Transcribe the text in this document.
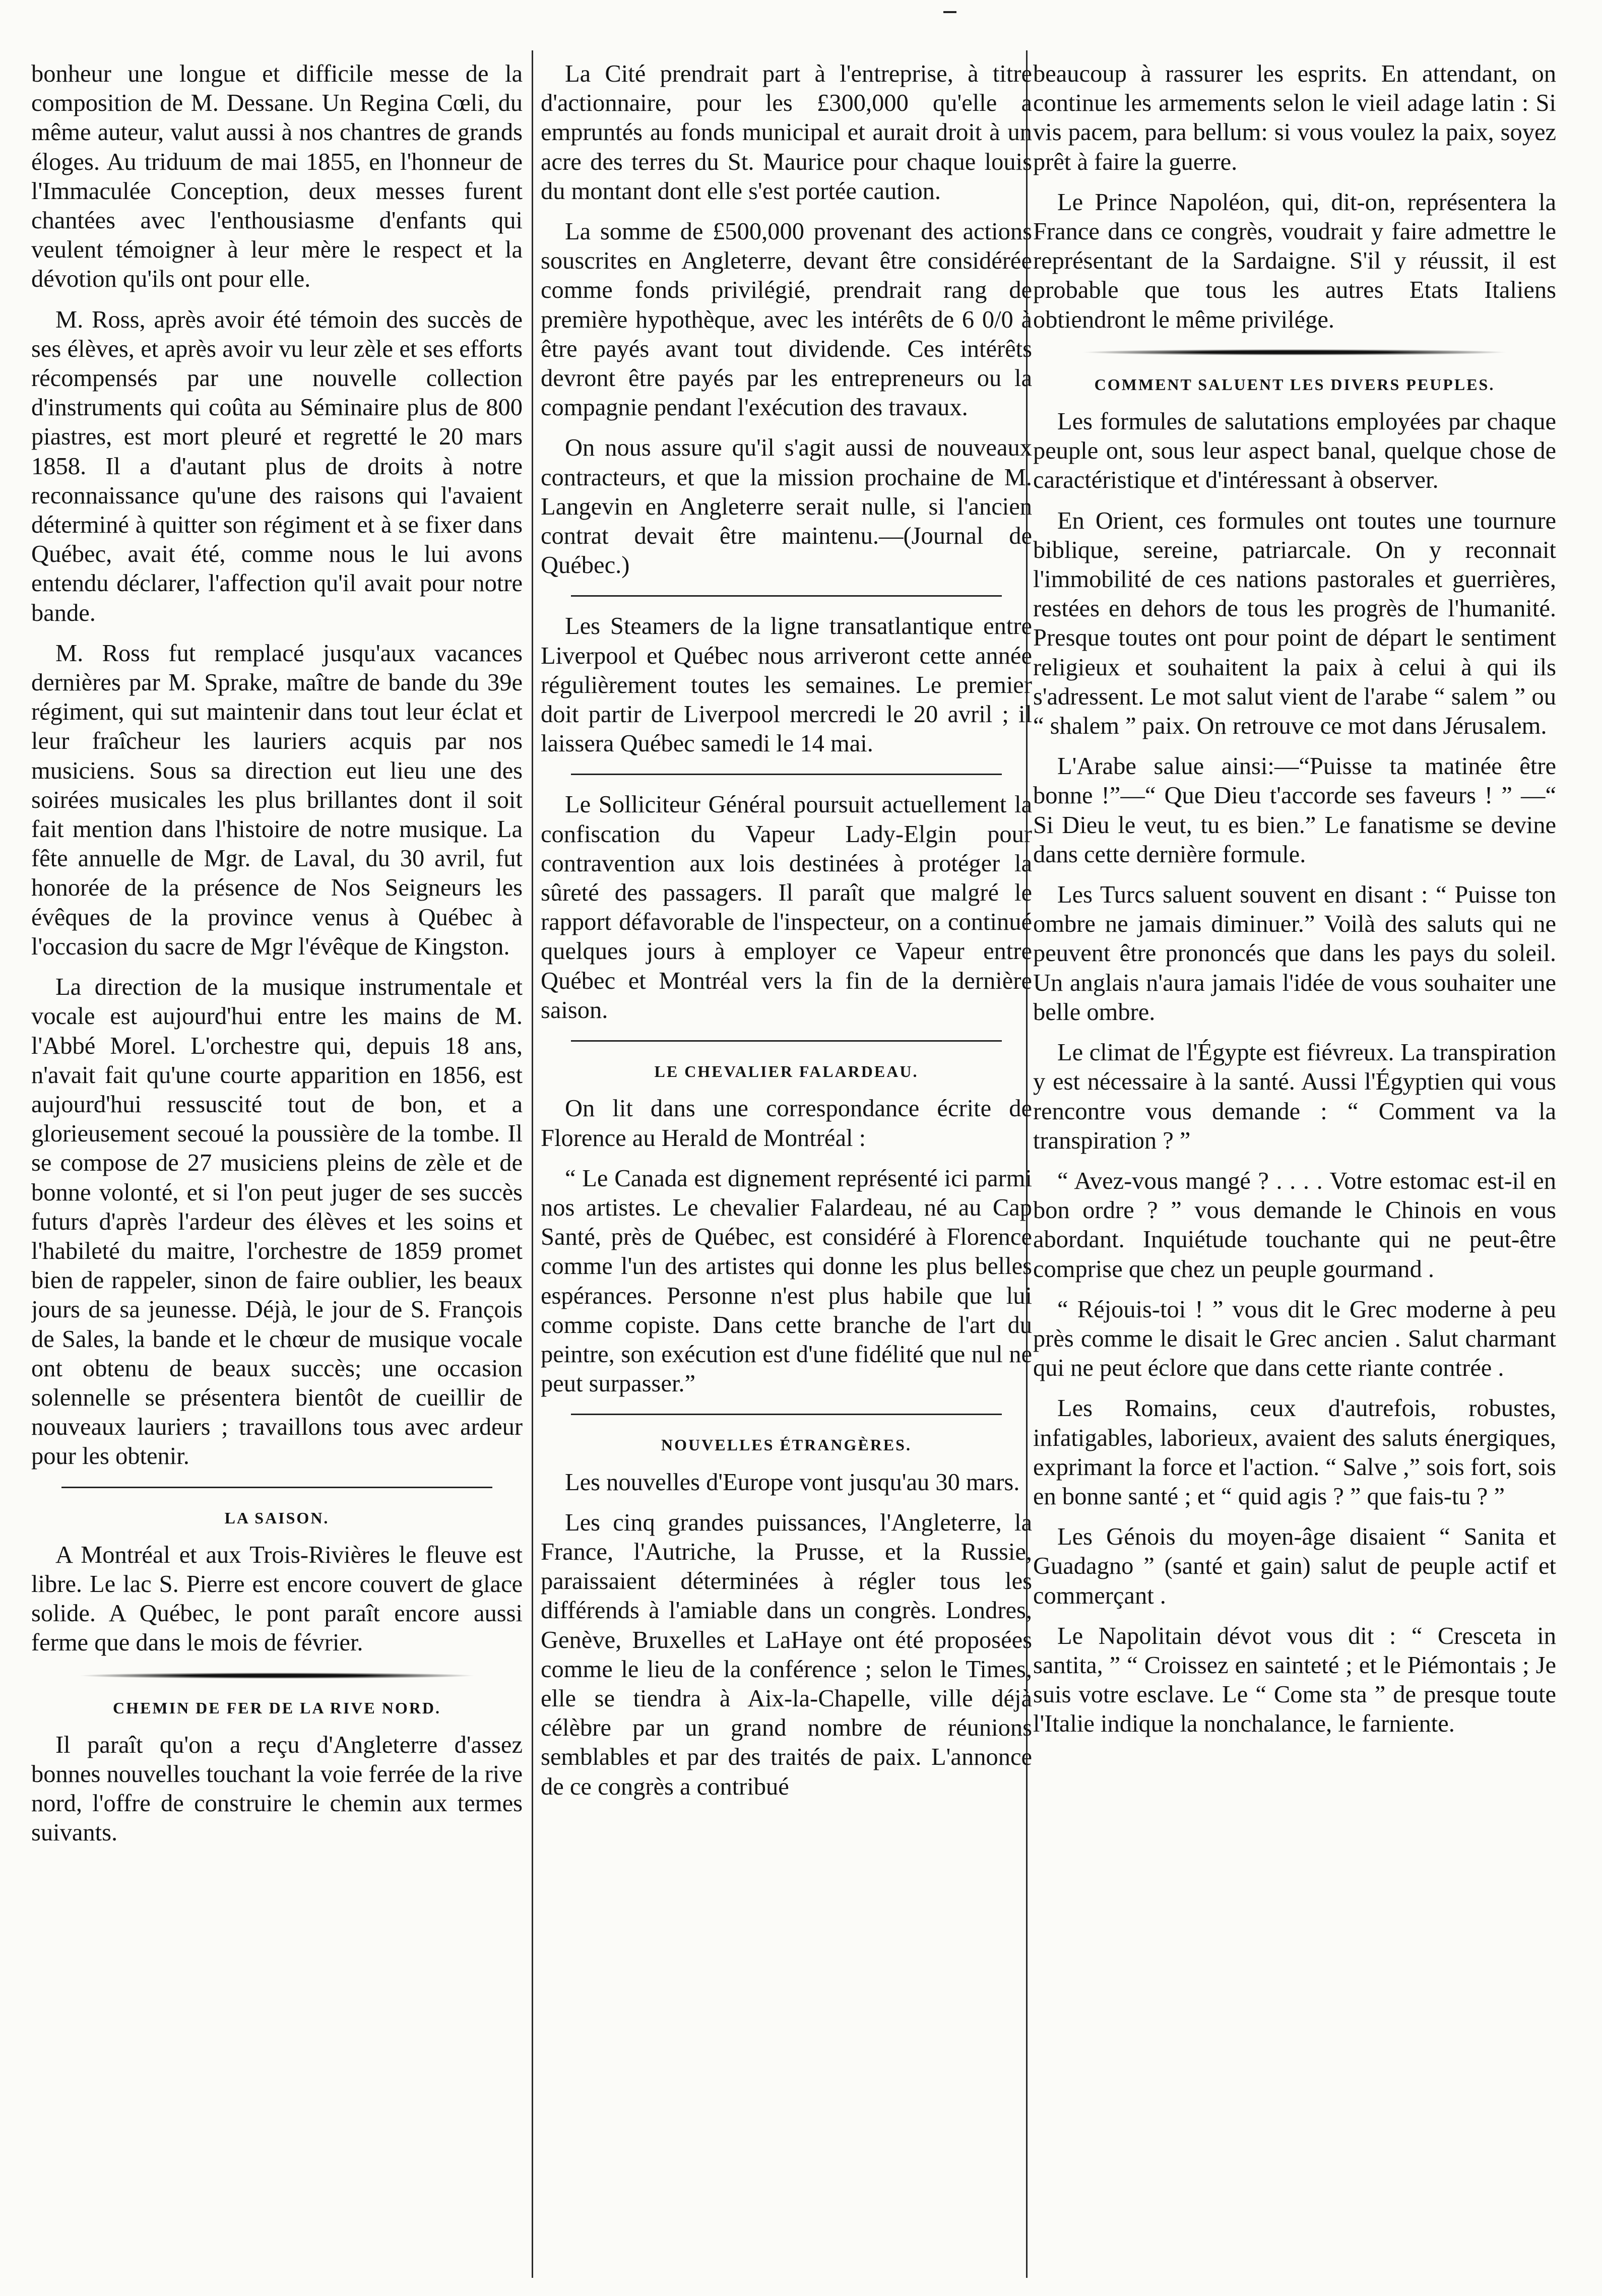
bonheur une longue et difficile messe de la composition de M. Dessane. Un Regina Cœli, du même auteur, valut aussi à nos chantres de grands éloges. Au triduum de mai 1855, en l'honneur de l'Immaculée Conception, deux messes furent chantées avec l'enthousiasme d'enfants qui veulent témoigner à leur mère le respect et la dévotion qu'ils ont pour elle.

M. Ross, après avoir été témoin des succès de ses élèves, et après avoir vu leur zèle et ses efforts récompensés par une nouvelle collection d'instruments qui coûta au Séminaire plus de 800 piastres, est mort pleuré et regretté le 20 mars 1858. Il a d'autant plus de droits à notre reconnaissance qu'une des raisons qui l'avaient déterminé à quitter son régiment et à se fixer dans Québec, avait été, comme nous le lui avons entendu déclarer, l'affection qu'il avait pour notre bande.

M. Ross fut remplacé jusqu'aux vacances dernières par M. Sprake, maître de bande du 39e régiment, qui sut maintenir dans tout leur éclat et leur fraîcheur les lauriers acquis par nos musiciens. Sous sa direction eut lieu une des soirées musicales les plus brillantes dont il soit fait mention dans l'histoire de notre musique. La fête annuelle de Mgr. de Laval, du 30 avril, fut honorée de la présence de Nos Seigneurs les évêques de la province venus à Québec à l'occasion du sacre de Mgr l'évêque de Kingston.

La direction de la musique instrumentale et vocale est aujourd'hui entre les mains de M. l'Abbé Morel. L'orchestre qui, depuis 18 ans, n'avait fait qu'une courte apparition en 1856, est aujourd'hui ressuscité tout de bon, et a glorieusement secoué la poussière de la tombe. Il se compose de 27 musiciens pleins de zèle et de bonne volonté, et si l'on peut juger de ses succès futurs d'après l'ardeur des élèves et les soins et l'habileté du maitre, l'orchestre de 1859 promet bien de rappeler, sinon de faire oublier, les beaux jours de sa jeunesse. Déjà, le jour de S. François de Sales, la bande et le chœur de musique vocale ont obtenu de beaux succès; une occasion solennelle se présentera bientôt de cueillir de nouveaux lauriers ; travaillons tous avec ardeur pour les obtenir.

LA SAISON.

A Montréal et aux Trois-Rivières le fleuve est libre. Le lac S. Pierre est encore couvert de glace solide. A Québec, le pont paraît encore aussi ferme que dans le mois de février.

CHEMIN DE FER DE LA RIVE NORD.

Il paraît qu'on a reçu d'Angleterre d'assez bonnes nouvelles touchant la voie ferrée de la rive nord, l'offre de construire le chemin aux termes suivants.

La Cité prendrait part à l'entreprise, à titre d'actionnaire, pour les £300,000 qu'elle a empruntés au fonds municipal et aurait droit à un acre des terres du St. Maurice pour chaque louis du montant dont elle s'est portée caution.

La somme de £500,000 provenant des actions souscrites en Angleterre, devant être considérée comme fonds privilégié, prendrait rang de première hypothèque, avec les intérêts de 6 0/0 à être payés avant tout dividende. Ces intérêts devront être payés par les entrepreneurs ou la compagnie pendant l'exécution des travaux.

On nous assure qu'il s'agit aussi de nouveaux contracteurs, et que la mission prochaine de M. Langevin en Angleterre serait nulle, si l'ancien contrat devait être maintenu.—(Journal de Québec.)

Les Steamers de la ligne transatlantique entre Liverpool et Québec nous arriveront cette année régulièrement toutes les semaines. Le premier doit partir de Liverpool mercredi le 20 avril ; il laissera Québec samedi le 14 mai.

Le Solliciteur Général poursuit actuellement la confiscation du Vapeur Lady-Elgin pour contravention aux lois destinées à protéger la sûreté des passagers. Il paraît que malgré le rapport défavorable de l'inspecteur, on a continué quelques jours à employer ce Vapeur entre Québec et Montréal vers la fin de la dernière saison.

LE CHEVALIER FALARDEAU.

On lit dans une correspondance écrite de Florence au Herald de Montréal :

“ Le Canada est dignement représenté ici parmi nos artistes. Le chevalier Falardeau, né au Cap Santé, près de Québec, est considéré à Florence comme l'un des artistes qui donne les plus belles espérances. Personne n'est plus habile que lui comme copiste. Dans cette branche de l'art du peintre, son exécution est d'une fidélité que nul ne peut surpasser.”

NOUVELLES ÉTRANGÈRES.

Les nouvelles d'Europe vont jusqu'au 30 mars.

Les cinq grandes puissances, l'Angleterre, la France, l'Autriche, la Prusse, et la Russie, paraissaient déterminées à régler tous les différends à l'amiable dans un congrès. Londres, Genève, Bruxelles et LaHaye ont été proposées comme le lieu de la conférence ; selon le Times, elle se tiendra à Aix-la-Chapelle, ville déjà célèbre par un grand nombre de réunions semblables et par des traités de paix. L'annonce de ce congrès a contribué

beaucoup à rassurer les esprits. En attendant, on continue les armements selon le vieil adage latin : Si vis pacem, para bellum: si vous voulez la paix, soyez prêt à faire la guerre.

Le Prince Napoléon, qui, dit-on, représentera la France dans ce congrès, voudrait y faire admettre le représentant de la Sardaigne. S'il y réussit, il est probable que tous les autres Etats Italiens obtiendront le même privilége.

COMMENT SALUENT LES DIVERS PEUPLES.

Les formules de salutations employées par chaque peuple ont, sous leur aspect banal, quelque chose de caractéristique et d'intéressant à observer.

En Orient, ces formules ont toutes une tournure biblique, sereine, patriarcale. On y reconnait l'immobilité de ces nations pastorales et guerrières, restées en dehors de tous les progrès de l'humanité. Presque toutes ont pour point de départ le sentiment religieux et souhaitent la paix à celui à qui ils s'adressent. Le mot salut vient de l'arabe “ salem ” ou “ shalem ” paix. On retrouve ce mot dans Jérusalem.

L'Arabe salue ainsi:—“Puisse ta matinée être bonne !”—“ Que Dieu t'accorde ses faveurs ! ” —“ Si Dieu le veut, tu es bien.” Le fanatisme se devine dans cette dernière formule.

Les Turcs saluent souvent en disant : “ Puisse ton ombre ne jamais diminuer.” Voilà des saluts qui ne peuvent être prononcés que dans les pays du soleil. Un anglais n'aura jamais l'idée de vous souhaiter une belle ombre.

Le climat de l'Égypte est fiévreux. La transpiration y est nécessaire à la santé. Aussi l'Égyptien qui vous rencontre vous demande : “ Comment va la transpiration ? ”

“ Avez-vous mangé ? . . . . Votre estomac est-il en bon ordre ? ” vous demande le Chinois en vous abordant. Inquiétude touchante qui ne peut-être comprise que chez un peuple gourmand .

“ Réjouis-toi ! ” vous dit le Grec moderne à peu près comme le disait le Grec ancien . Salut charmant qui ne peut éclore que dans cette riante contrée .

Les Romains, ceux d'autrefois, robustes, infatigables, laborieux, avaient des saluts énergiques, exprimant la force et l'action. “ Salve ,” sois fort, sois en bonne santé ; et “ quid agis ? ” que fais-tu ? ”

Les Génois du moyen-âge disaient “ Sanita et Guadagno ” (santé et gain) salut de peuple actif et commerçant .

Le Napolitain dévot vous dit : “ Cresceta in santita, ” “ Croissez en sainteté ; et le Piémontais ; Je suis votre esclave. Le “ Come sta ” de presque toute l'Italie indique la nonchalance, le farniente.
